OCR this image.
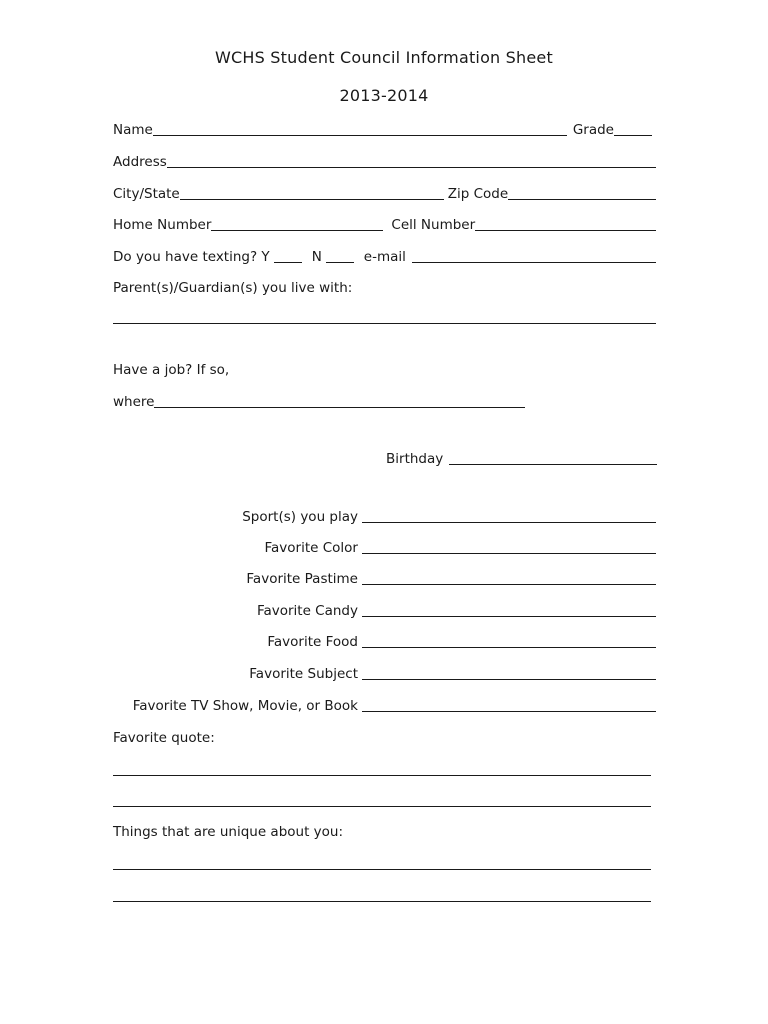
WCHS Student Council Information Sheet
2013-2014
Name	Grade
Address
City/State	Zip Code
Home Number	Cell Number
Do you have texting? Y	N	e-mail
Parent(s)/Guardian(s) you live with:
Have a job? If so,
where
Birthday
Sport(s) you play
Favorite Color
Favorite Pastime
Favorite Candy
Favorite Food
Favorite Subject
Favorite TV Show, Movie, or Book
Favorite quote:
Things that are unique about you:
